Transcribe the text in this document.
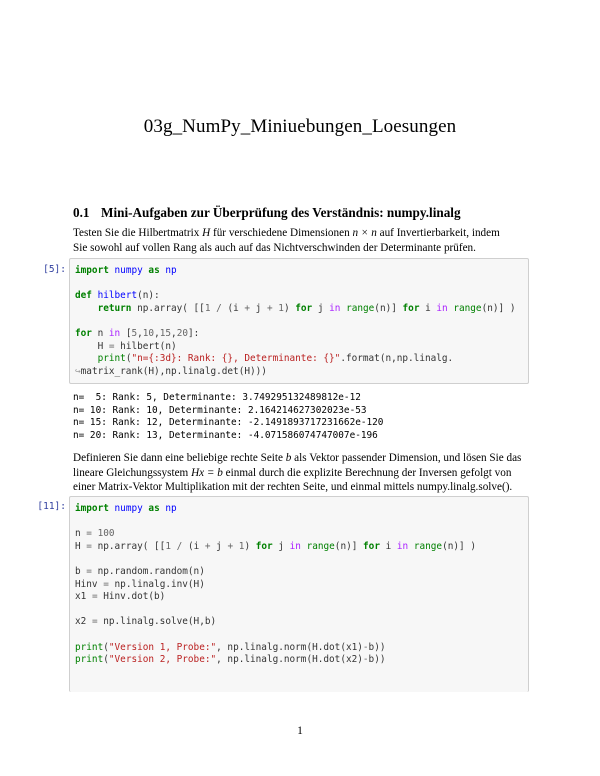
03g_NumPy_Miniuebungen_Loesungen
0.1 Mini-Aufgaben zur Überprüfung des Verständnis: numpy.linalg
Testen Sie die Hilbertmatrix H für verschiedene Dimensionen n × n auf Invertierbarkeit, indem
Sie sowohl auf vollen Rang als auch auf das Nichtverschwinden der Determinante prüfen.
[5]: import numpy as np
def hilbert(n):
return np.array( [[1 / (i + j + 1) for j in range(n)] for i in range(n)] )
for n in [5,10,15,20]:
H = hilbert(n)
print("n={:3d}: Rank: {}, Determinante: {}".format(n,np.linalg.
↪matrix_rank(H),np.linalg.det(H)))
n=  5: Rank: 5, Determinante: 3.749295132489812e-12
n= 10: Rank: 10, Determinante: 2.164214627302023e-53
n= 15: Rank: 12, Determinante: -2.1491893717231662e-120
n= 20: Rank: 13, Determinante: -4.071586074747007e-196
Definieren Sie dann eine beliebige rechte Seite b als Vektor passender Dimension, und lösen Sie das
lineare Gleichungssystem Hx = b einmal durch die explizite Berechnung der Inversen gefolgt von
einer Matrix-Vektor Multiplikation mit der rechten Seite, und einmal mittels numpy.linalg.solve().
[11]: import numpy as np
n = 100
H = np.array( [[1 / (i + j + 1) for j in range(n)] for i in range(n)] )
b = np.random.random(n)
Hinv = np.linalg.inv(H)
x1 = Hinv.dot(b)
x2 = np.linalg.solve(H,b)
print("Version 1, Probe:", np.linalg.norm(H.dot(x1)-b))
print("Version 2, Probe:", np.linalg.norm(H.dot(x2)-b))
1
